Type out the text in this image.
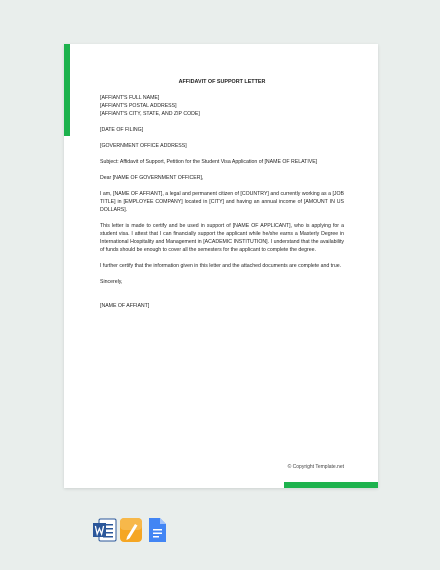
AFFIDAVIT OF SUPPORT LETTER

[AFFIANT'S FULL NAME]

[AFFIANT'S POSTAL ADDRESS]

[AFFIANT'S CITY, STATE, AND ZIP CODE]

[DATE OF FILING]

[GOVERNMENT OFFICE ADDRESS]

Subject: Affidavit of Support, Petition for the Student Visa Application of [NAME OF RELATIVE]

Dear [NAME OF GOVERNMENT OFFICER],

I am, [NAME OF AFFIANT], a legal and permanent citizen of [COUNTRY] and currently working as a [JOB TITLE] in [EMPLOYEE COMPANY] located in [CITY] and having an annual income of [AMOUNT IN US DOLLARS].

This letter is made to certify and be used in support of [NAME OF APPLICANT], who is applying for a student visa. I attest that I can financially support the applicant while he/she earns a Masterly Degree in International Hospitality and Management in [ACADEMIC INSTITUTION]. I understand that the availability of funds should be enough to cover all the semesters for the applicant to complete the degree.

I further certify that the information given in this letter and the attached documents are complete and true.

Sincerely,

[NAME OF AFFIANT]

© Copyright Template.net
